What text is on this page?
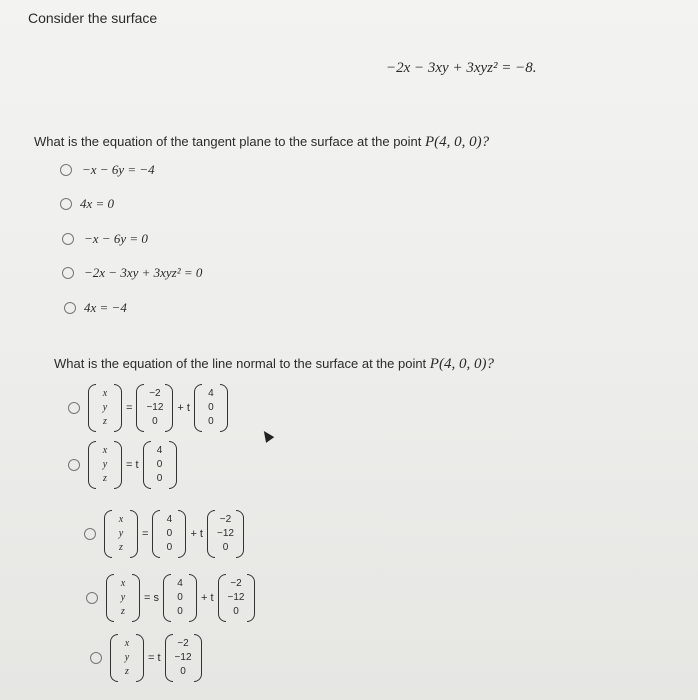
Consider the surface
−2x − 3xy + 3xyz² = −8.
What is the equation of the tangent plane to the surface at the point P(4, 0, 0)?
−x − 6y = −4
4x = 0
−x − 6y = 0
−2x − 3xy + 3xyz² = 0
4x = −4
What is the equation of the line normal to the surface at the point P(4, 0, 0)?
x
y
z
=
−2
−12
0
+ t
4
0
0
x
y
z
= t
4
0
0
x
y
z
=
4
0
0
+ t
−2
−12
0
x
y
z
= s
4
0
0
+ t
−2
−12
0
x
y
z
= t
−2
−12
0
